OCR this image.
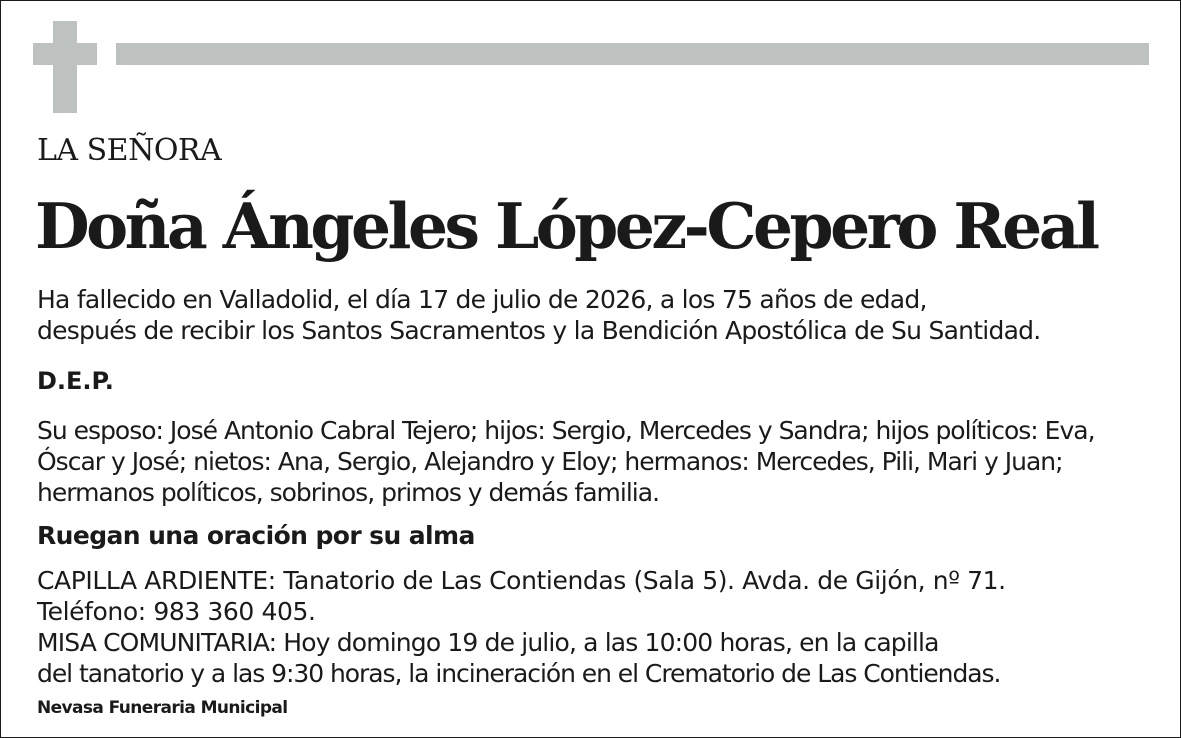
LA SEÑORA
Doña Ángeles López-Cepero Real
Ha fallecido en Valladolid, el día 17 de julio de 2026, a los 75 años de edad,
después de recibir los Santos Sacramentos y la Bendición Apostólica de Su Santidad.
D.E.P.
Su esposo: José Antonio Cabral Tejero; hijos: Sergio, Mercedes y Sandra; hijos políticos: Eva,
Óscar y José; nietos: Ana, Sergio, Alejandro y Eloy; hermanos: Mercedes, Pili, Mari y Juan;
hermanos políticos, sobrinos, primos y demás familia.
Ruegan una oración por su alma
CAPILLA ARDIENTE: Tanatorio de Las Contiendas (Sala 5). Avda. de Gijón, nº 71.
Teléfono: 983 360 405.
MISA COMUNITARIA: Hoy domingo 19 de julio, a las 10:00 horas, en la capilla
del tanatorio y a las 9:30 horas, la incineración en el Crematorio de Las Contiendas.
Nevasa Funeraria Municipal
